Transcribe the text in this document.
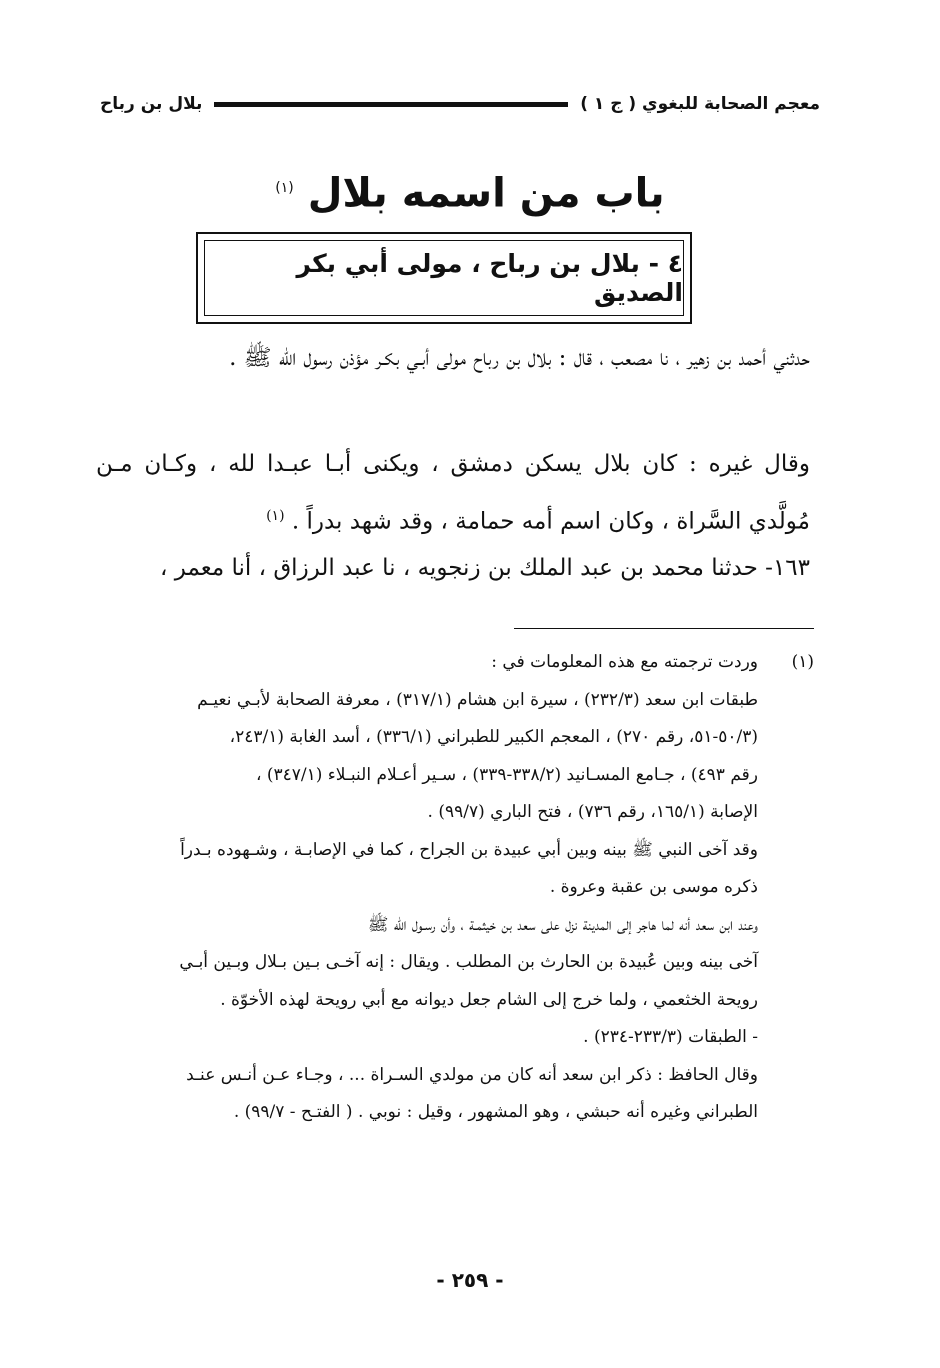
معجم الصحابة للبغوي ( ج ١ )
بلال بن رباح
باب من اسمه بلال $^{(١)}$
٤ - بلال بن رباح ، مولى أبي بكر الصديق
حدثني أحمد بن زهير ، نا مصعب ، قال : بلال بن رباح مولى أبـي بكـر مؤذن رسول الله ﷺ .
وقال غيره : كان بلال يسكن دمشق ، ويكنى أبـا عبـدا لله ، وكـان مـن مُولَّدي السَّراة ، وكان اسم أمه حمامة ، وقد شهد بدراً . $^{(١)}$
١٦٣- حدثنا محمد بن عبد الملك بن زنجويه ، نا عبد الرزاق ، أنا معمر ،
(١)
وردت ترجمته مع هذه المعلومات في :
طبقات ابن سعد (٢٣٢/٣) ، سيرة ابن هشام (٣١٧/١) ، معرفة الصحابة لأبـي نعيـم
(٥٠/٣-٥١، رقم ٢٧٠) ، المعجم الكبير للطبراني (٣٣٦/١) ، أسد الغابة (٢٤٣/١،
رقم ٤٩٣) ، جـامع المسـانيد (٣٣٨/٢-٣٣٩) ، سـير أعـلام النبـلاء (٣٤٧/١) ،
الإصابة (١٦٥/١، رقم ٧٣٦) ، فتح الباري (٩٩/٧) .
وقد آخى النبي ﷺ بينه وبين أبي عبيدة بن الجراح ، كما في الإصابـة ، وشـهوده بـدراً
ذكره موسى بن عقبة وعروة .
وعند ابن سعد أنه لما هاجر إلى المدينة نزل على سعد بن خيثمـة ، وأن رسـول الله ﷺ
آخى بينه وبين عُبيدة بن الحارث بن المطلب . ويقال : إنه آخـى بـين بـلال وبـين أبـي
رويحة الخثعمي ، ولما خرج إلى الشام جعل ديوانه مع أبي رويحة لهذه الأخوّة .
- الطبقات (٢٣٣/٣-٢٣٤) .
وقال الحافظ : ذكر ابن سعد أنه كان من مولدي السـراة ... ، وجـاء عـن أنـس عنـد
الطبراني وغيره أنه حبشي ، وهو المشهور ، وقيل : نوبي . ( الفتـح - ٩٩/٧) .
- ٢٥٩ -
